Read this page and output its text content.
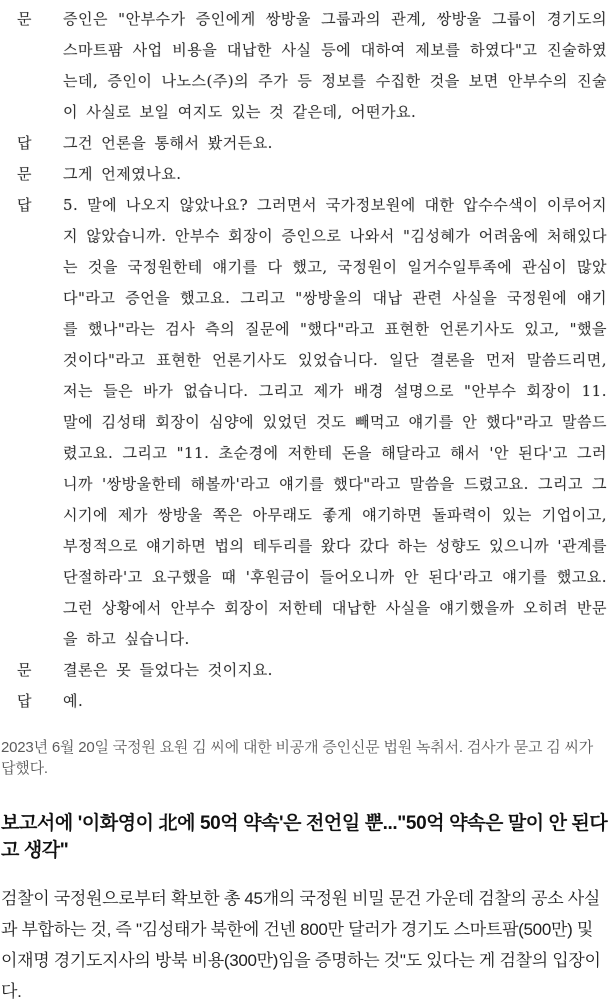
문	증인은 "안부수가 증인에게 쌍방울 그룹과의 관계, 쌍방울 그룹이 경기도의 스마트팜 사업 비용을 대납한 사실 등에 대하여 제보를 하였다"고 진술하였는데, 증인이 나노스(주)의 주가 등 정보를 수집한 것을 보면 안부수의 진술이 사실로 보일 여지도 있는 것 같은데, 어떤가요.
답	그건 언론을 통해서 봤거든요.
문	그게 언제였나요.
답	5. 말에 나오지 않았나요? 그러면서 국가정보원에 대한 압수수색이 이루어지지 않았습니까. 안부수 회장이 증인으로 나와서 "김성혜가 어려움에 처해있다는 것을 국정원한테 얘기를 다 했고, 국정원이 일거수일투족에 관심이 많았다"라고 증언을 했고요. 그리고 "쌍방울의 대납 관련 사실을 국정원에 얘기를 했나"라는 검사 측의 질문에 "했다"라고 표현한 언론기사도 있고, "했을 것이다"라고 표현한 언론기사도 있었습니다. 일단 결론을 먼저 말씀드리면, 저는 들은 바가 없습니다. 그리고 제가 배경 설명으로 "안부수 회장이 11. 말에 김성태 회장이 심양에 있었던 것도 빼먹고 얘기를 안 했다"라고 말씀드렸고요. 그리고 "11. 초순경에 저한테 돈을 해달라고 해서 '안 된다'고 그러니까 '쌍방울한테 해볼까'라고 얘기를 했다"라고 말씀을 드렸고요. 그리고 그 시기에 제가 쌍방울 쪽은 아무래도 좋게 얘기하면 돌파력이 있는 기업이고, 부정적으로 얘기하면 법의 테두리를 왔다 갔다 하는 성향도 있으니까 '관계를 단절하라'고 요구했을 때 '후원금이 들어오니까 안 된다'라고 얘기를 했고요. 그런 상황에서 안부수 회장이 저한테 대납한 사실을 얘기했을까 오히려 반문을 하고 싶습니다.
문	결론은 못 들었다는 것이지요.
답	예.

2023년 6월 20일 국정원 요원 김 씨에 대한 비공개 증인신문 법원 녹취서. 검사가 묻고 김 씨가 답했다.

보고서에 '이화영이 北에 50억 약속'은 전언일 뿐..."50억 약속은 말이 안 된다고 생각"

검찰이 국정원으로부터 확보한 총 45개의 국정원 비밀 문건 가운데 검찰의 공소 사실과 부합하는 것, 즉 "김성태가 북한에 건넨 800만 달러가 경기도 스마트팜(500만) 및 이재명 경기도지사의 방북 비용(300만)임을 증명하는 것"도 있다는 게 검찰의 입장이다.
